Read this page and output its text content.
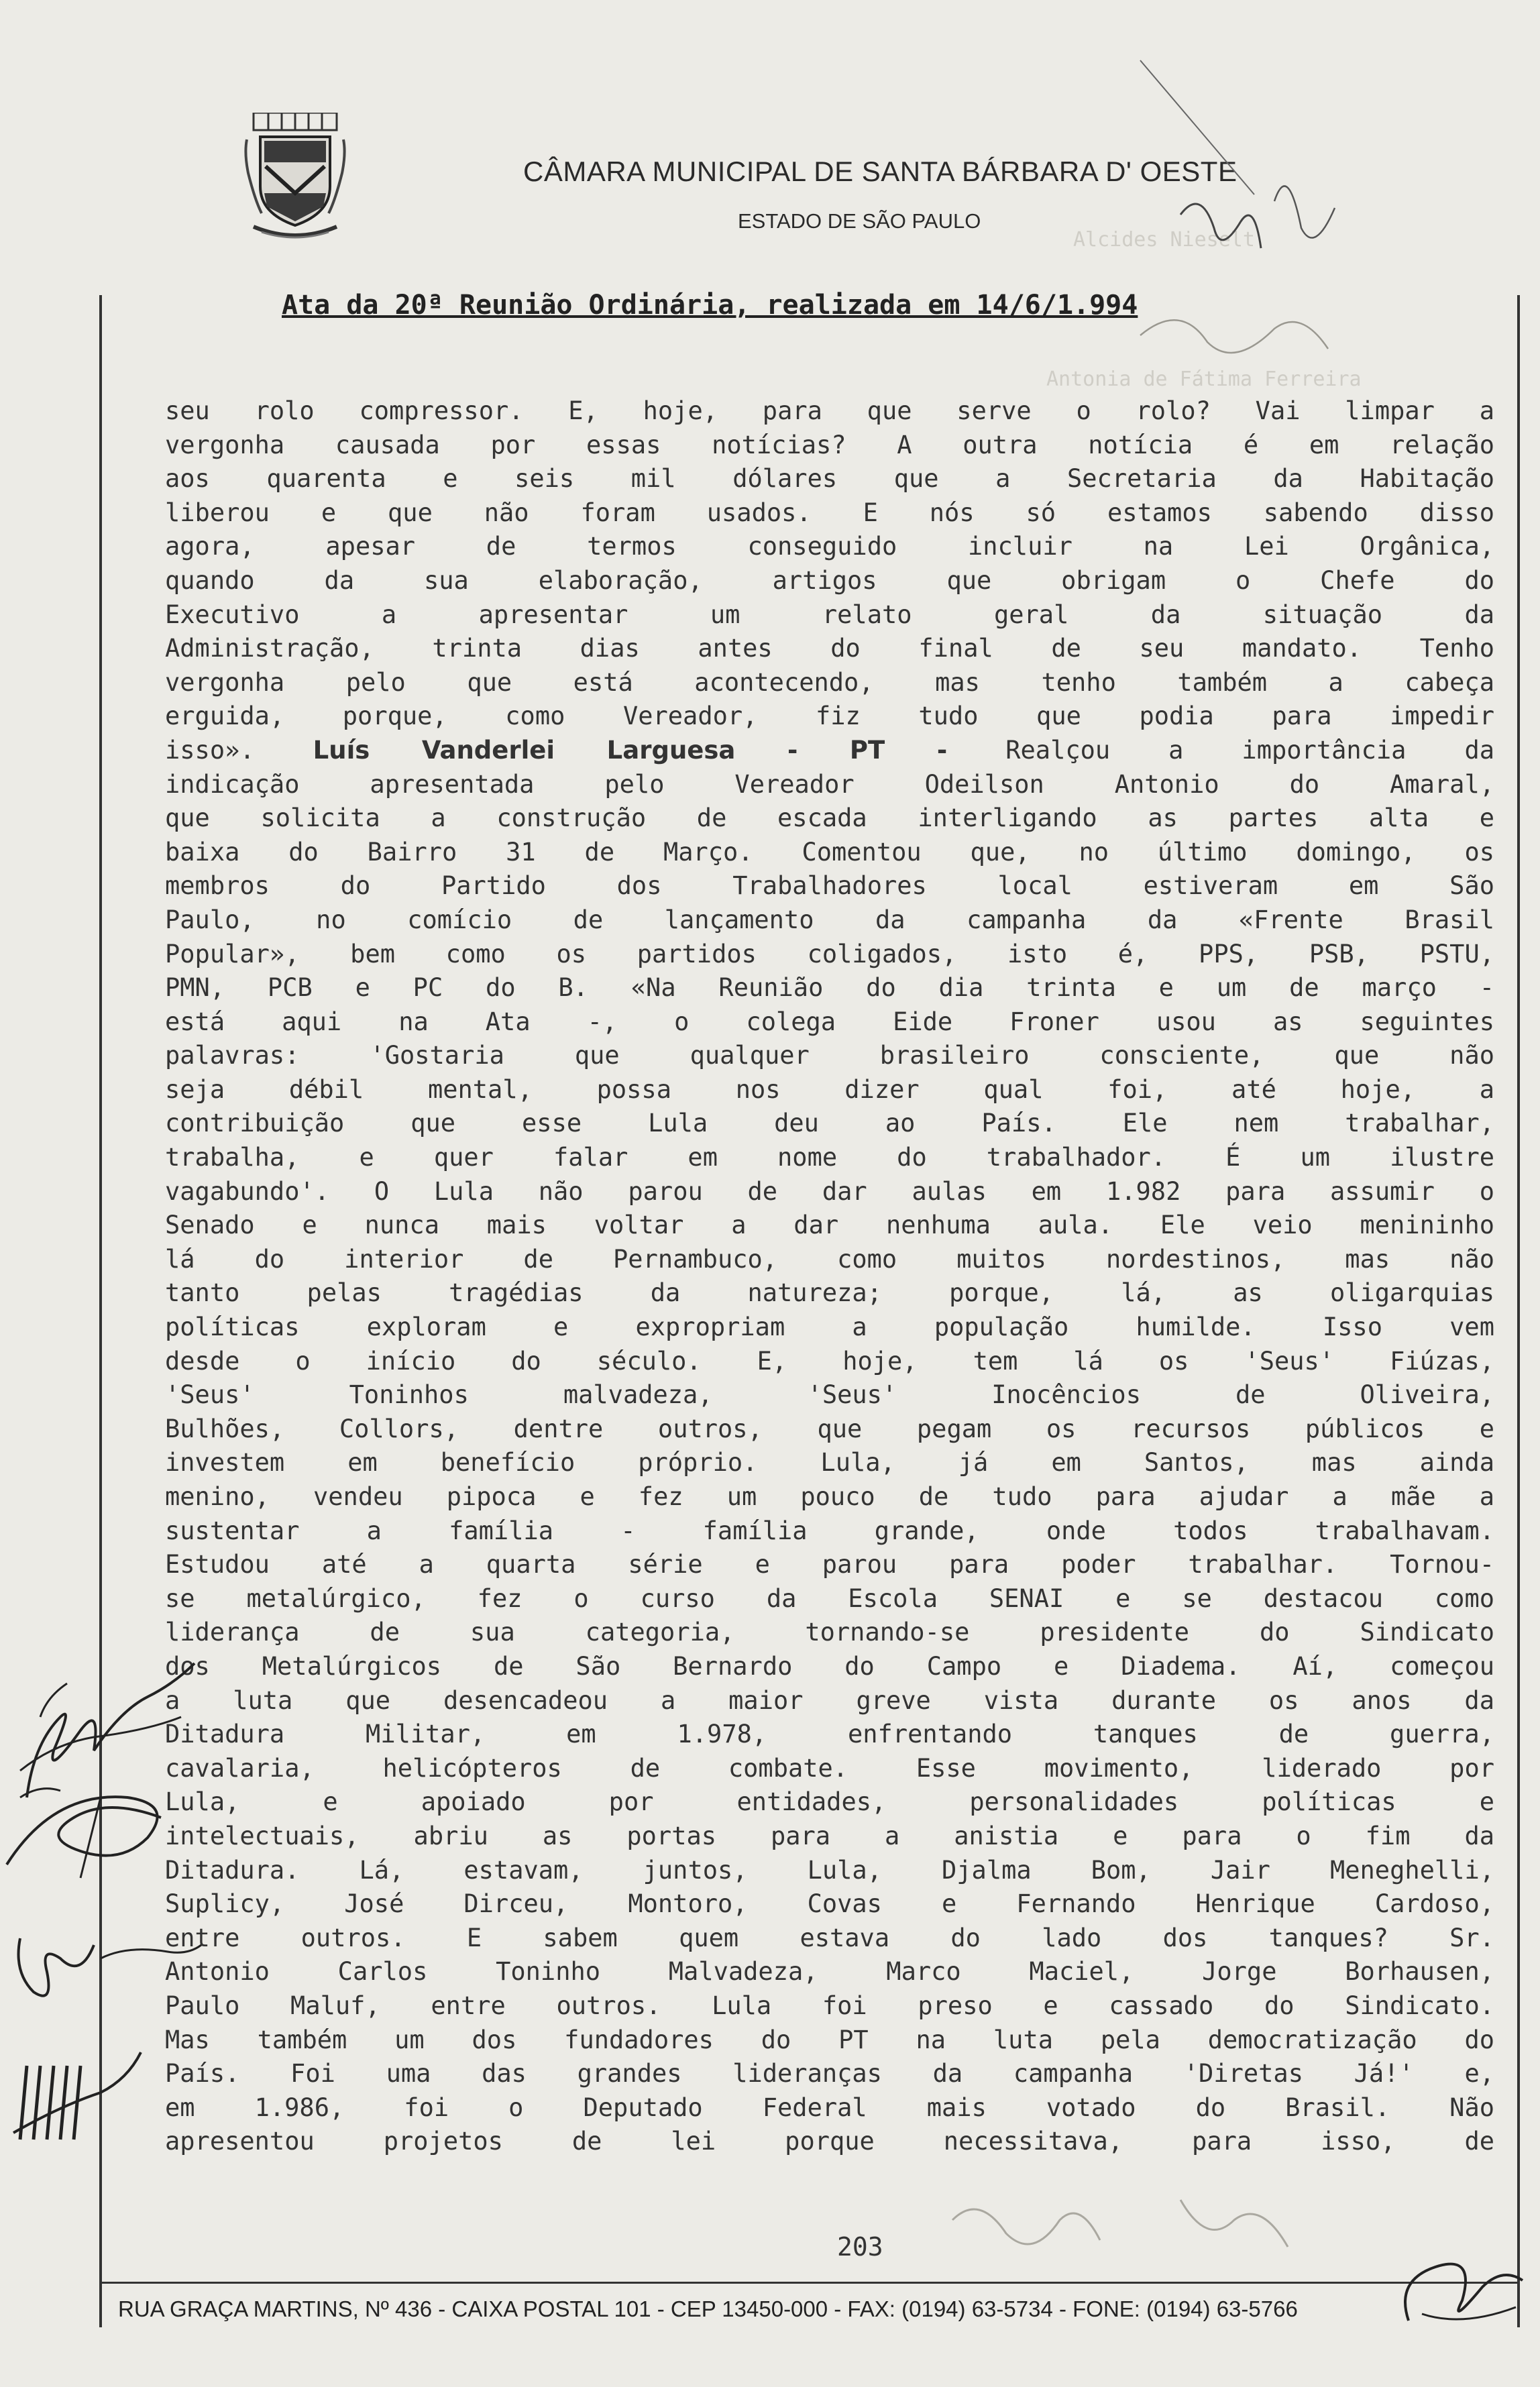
Alcides Nieselt
Antonia de Fátima Ferreira
CÂMARA MUNICIPAL DE SANTA BÁRBARA D' OESTE
ESTADO DE SÃO PAULO
Ata da 20ª Reunião Ordinária, realizada em 14/6/1.994
seu rolo compressor. E, hoje, para que serve o rolo? Vai limpar a
vergonha causada por essas notícias? A outra notícia é em relação
aos quarenta e seis mil dólares que a Secretaria da Habitação
liberou e que não foram usados. E nós só estamos sabendo disso
agora, apesar de termos conseguido incluir na Lei Orgânica,
quando da sua elaboração, artigos que obrigam o Chefe do
Executivo a apresentar um relato geral da situação da
Administração, trinta dias antes do final de seu mandato. Tenho
vergonha pelo que está acontecendo, mas tenho também a cabeça
erguida, porque, como Vereador, fiz tudo que podia para impedir
isso». Luís Vanderlei Larguesa - PT - Realçou a importância da
indicação apresentada pelo Vereador Odeilson Antonio do Amaral,
que solicita a construção de escada interligando as partes alta e
baixa do Bairro 31 de Março. Comentou que, no último domingo, os
membros do Partido dos Trabalhadores local estiveram em São
Paulo, no comício de lançamento da campanha da «Frente Brasil
Popular», bem como os partidos coligados, isto é, PPS, PSB, PSTU,
PMN, PCB e PC do B. «Na Reunião do dia trinta e um de março -
está aqui na Ata -, o colega Eide Froner usou as seguintes
palavras: 'Gostaria que qualquer brasileiro consciente, que não
seja débil mental, possa nos dizer qual foi, até hoje, a
contribuição que esse Lula deu ao País. Ele nem trabalhar,
trabalha, e quer falar em nome do trabalhador. É um ilustre
vagabundo'. O Lula não parou de dar aulas em 1.982 para assumir o
Senado e nunca mais voltar a dar nenhuma aula. Ele veio menininho
lá do interior de Pernambuco, como muitos nordestinos, mas não
tanto pelas tragédias da natureza; porque, lá, as oligarquias
políticas exploram e expropriam a população humilde. Isso vem
desde o início do século. E, hoje, tem lá os 'Seus' Fiúzas,
'Seus' Toninhos malvadeza, 'Seus' Inocêncios de Oliveira,
Bulhões, Collors, dentre outros, que pegam os recursos públicos e
investem em benefício próprio. Lula, já em Santos, mas ainda
menino, vendeu pipoca e fez um pouco de tudo para ajudar a mãe a
sustentar a família - família grande, onde todos trabalhavam.
Estudou até a quarta série e parou para poder trabalhar. Tornou-
se metalúrgico, fez o curso da Escola SENAI e se destacou como
liderança de sua categoria, tornando-se presidente do Sindicato
dos Metalúrgicos de São Bernardo do Campo e Diadema. Aí, começou
a luta que desencadeou a maior greve vista durante os anos da
Ditadura Militar, em 1.978, enfrentando tanques de guerra,
cavalaria, helicópteros de combate. Esse movimento, liderado por
Lula, e apoiado por entidades, personalidades políticas e
intelectuais, abriu as portas para a anistia e para o fim da
Ditadura. Lá, estavam, juntos, Lula, Djalma Bom, Jair Meneghelli,
Suplicy, José Dirceu, Montoro, Covas e Fernando Henrique Cardoso,
entre outros. E sabem quem estava do lado dos tanques? Sr.
Antonio Carlos Toninho Malvadeza, Marco Maciel, Jorge Borhausen,
Paulo Maluf, entre outros. Lula foi preso e cassado do Sindicato.
Mas também um dos fundadores do PT na luta pela democratização do
País. Foi uma das grandes lideranças da campanha 'Diretas Já!' e,
em 1.986, foi o Deputado Federal mais votado do Brasil. Não
apresentou projetos de lei porque necessitava, para isso, de
203
RUA GRAÇA MARTINS, Nº 436 - CAIXA POSTAL 101 - CEP 13450-000 - FAX: (0194) 63-5734 - FONE: (0194) 63-5766
